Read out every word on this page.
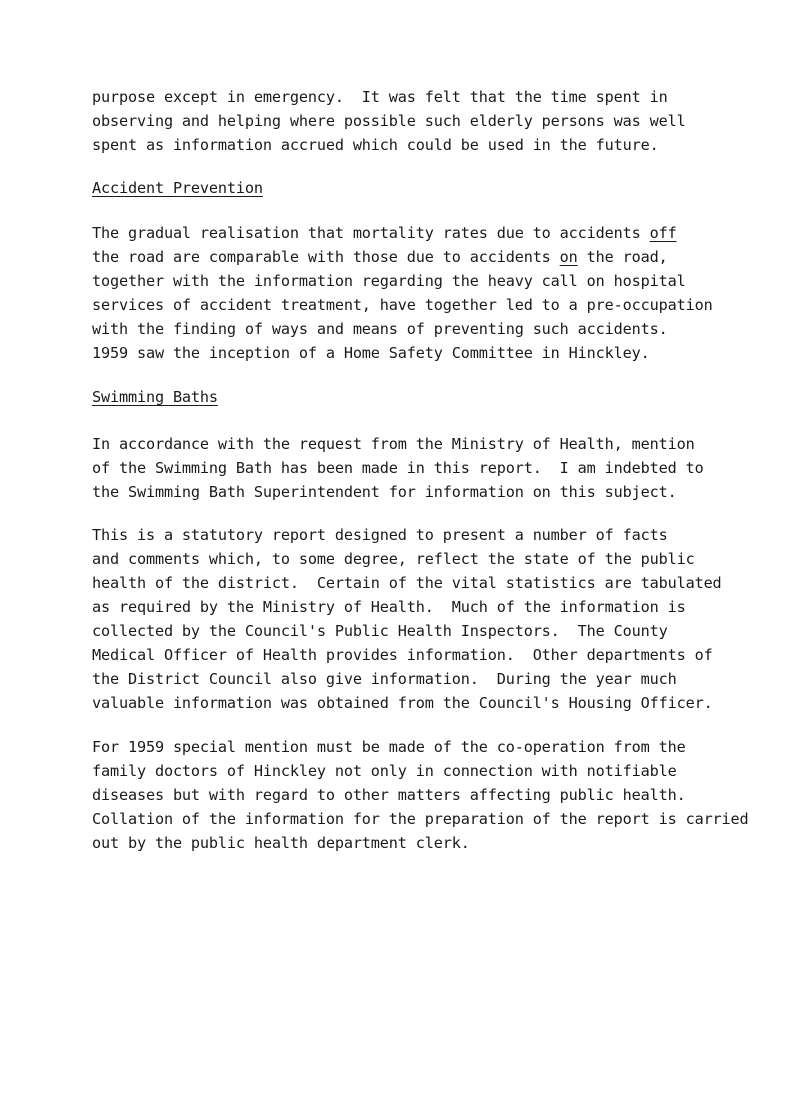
purpose except in emergency.  It was felt that the time spent in
observing and helping where possible such elderly persons was well
spent as information accrued which could be used in the future.
Accident Prevention
The gradual realisation that mortality rates due to accidents off
the road are comparable with those due to accidents on the road,
together with the information regarding the heavy call on hospital
services of accident treatment, have together led to a pre-occupation
with the finding of ways and means of preventing such accidents.
1959 saw the inception of a Home Safety Committee in Hinckley.
Swimming Baths
In accordance with the request from the Ministry of Health, mention
of the Swimming Bath has been made in this report.  I am indebted to
the Swimming Bath Superintendent for information on this subject.
This is a statutory report designed to present a number of facts
and comments which, to some degree, reflect the state of the public
health of the district.  Certain of the vital statistics are tabulated
as required by the Ministry of Health.  Much of the information is
collected by the Council's Public Health Inspectors.  The County
Medical Officer of Health provides information.  Other departments of
the District Council also give information.  During the year much
valuable information was obtained from the Council's Housing Officer.
For 1959 special mention must be made of the co-operation from the
family doctors of Hinckley not only in connection with notifiable
diseases but with regard to other matters affecting public health.
Collation of the information for the preparation of the report is carried
out by the public health department clerk.
